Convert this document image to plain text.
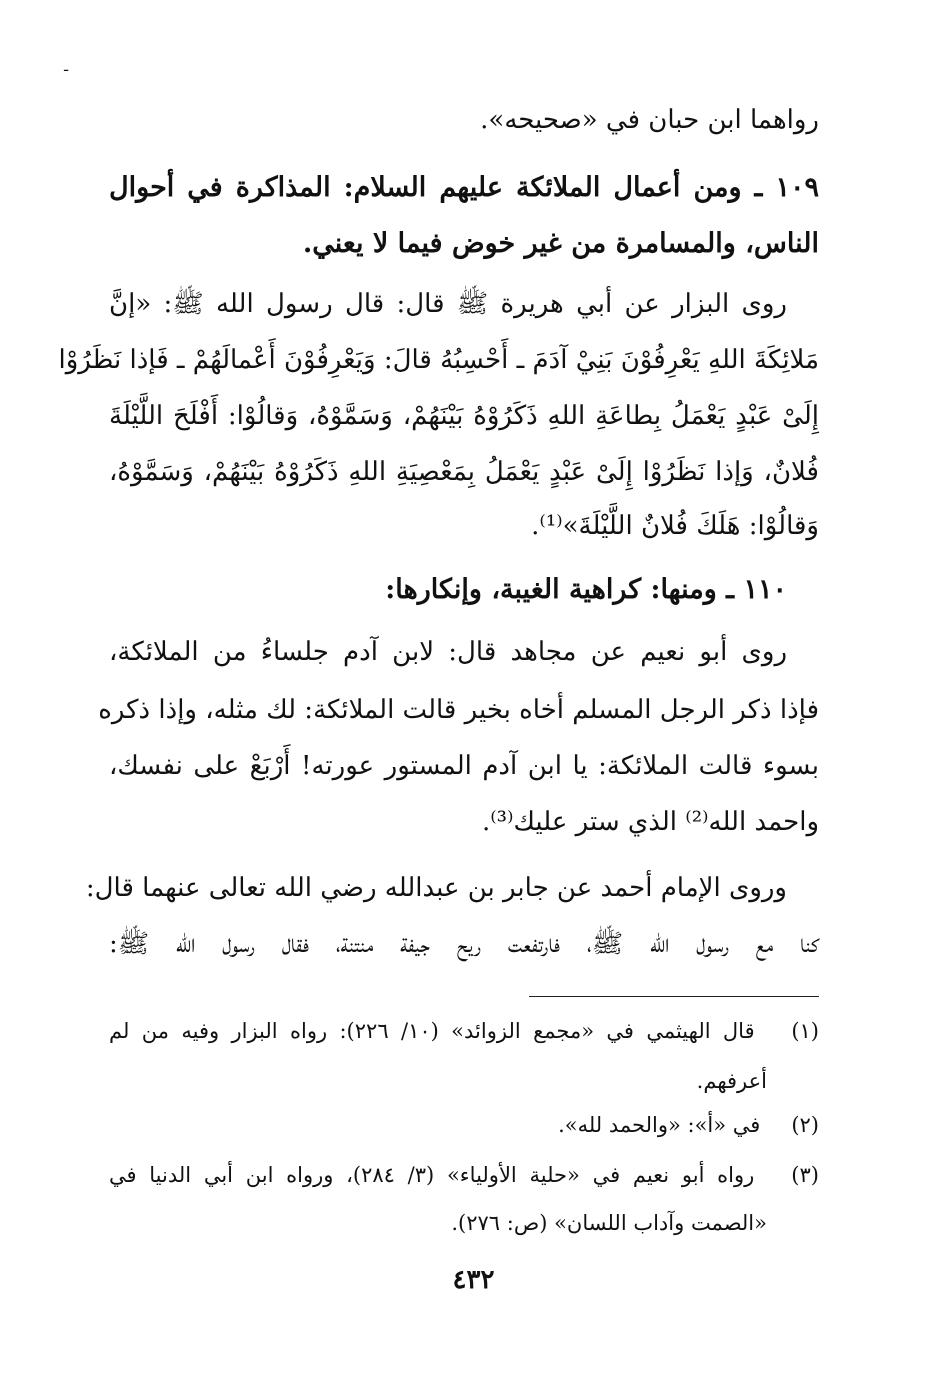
ـ
رواهما ابن حبان في «صحيحه».
١٠٩ ـ ومن أعمال الملائكة عليهم السلام: المذاكرة في أحوال
الناس، والمسامرة من غير خوض فيما لا يعني.
روى البزار عن أبي هريرة ﷺ قال: قال رسول الله ﷺ: «إنَّ
مَلائِكَةَ اللهِ يَعْرِفُوْنَ بَنِيْ آدَمَ ـ أَحْسِبُهُ قالَ: وَيَعْرِفُوْنَ أَعْمالَهُمْ ـ فَإذا نَظَرُوْا
إِلَىْ عَبْدٍ يَعْمَلُ بِطاعَةِ اللهِ ذَكَرُوْهُ بَيْنَهُمْ، وَسَمَّوْهُ، وَقالُوْا: أَفْلَحَ اللَّيْلَةَ
فُلانٌ، وَإذا نَظَرُوْا إِلَىْ عَبْدٍ يَعْمَلُ بِمَعْصِيَةِ اللهِ ذَكَرُوْهُ بَيْنَهُمْ، وَسَمَّوْهُ،
وَقالُوْا: هَلَكَ فُلانٌ اللَّيْلَةَ»⁽¹⁾.
١١٠ ـ ومنها: كراهية الغيبة، وإنكارها:
روى أبو نعيم عن مجاهد قال: لابن آدم جلساءُ من الملائكة،
فإذا ذكر الرجل المسلم أخاه بخير قالت الملائكة: لك مثله، وإذا ذكره
بسوء قالت الملائكة: يا ابن آدم المستور عورته! أَرْبَعْ على نفسك،
واحمد الله⁽²⁾ الذي ستر عليك⁽³⁾.
وروى الإمام أحمد عن جابر بن عبدالله رضي الله تعالى عنهما قال:
كنا مع رسول الله ﷺ، فارتفعت ريح جيفة منتنة، فقال رسول الله ﷺ:
(١) قال الهيثمي في «مجمع الزوائد» (١٠/ ٢٢٦): رواه البزار وفيه من لم
أعرفهم.
(٢) في «أ»: «والحمد لله».
(٣) رواه أبو نعيم في «حلية الأولياء» (٣/ ٢٨٤)، ورواه ابن أبي الدنيا في
«الصمت وآداب اللسان» (ص: ٢٧٦).
٤٣٢
